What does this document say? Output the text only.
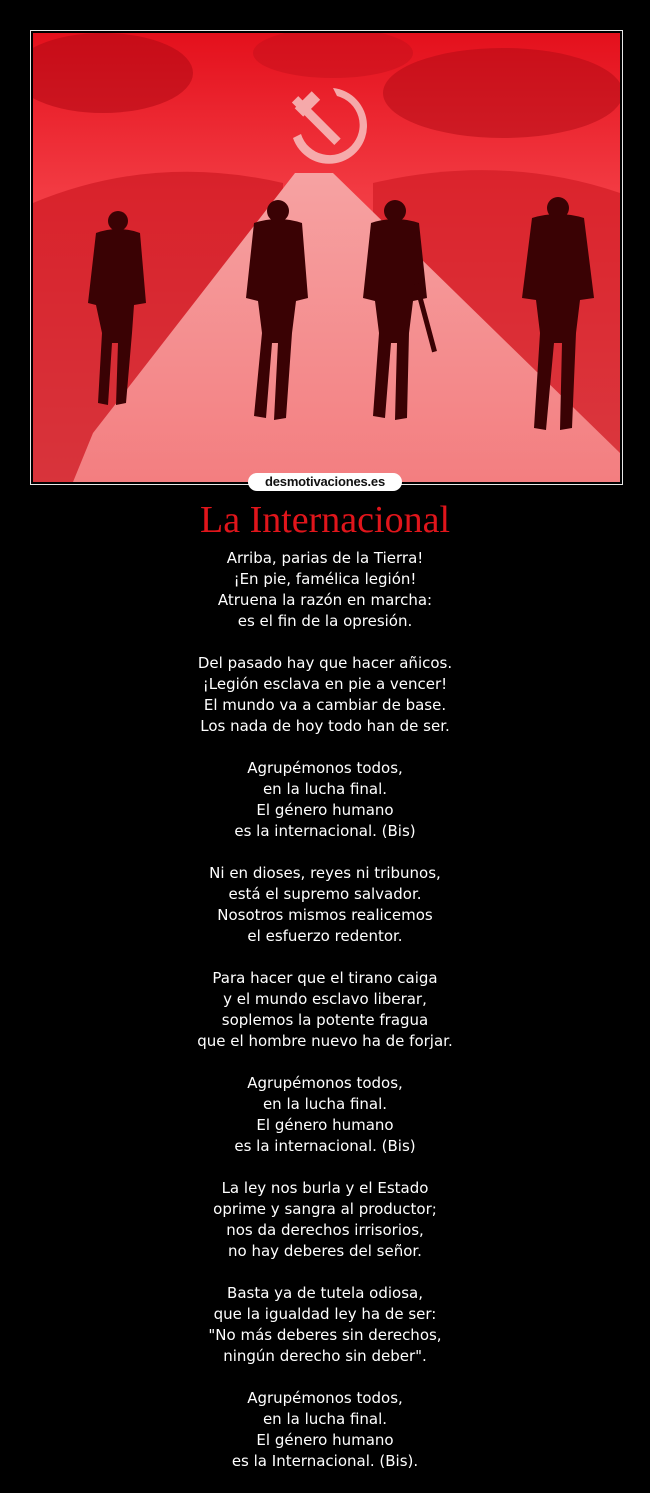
desmotivaciones.es
La Internacional
Arriba, parias de la Tierra!
¡En pie, famélica legión!
Atruena la razón en marcha:
es el fin de la opresión.
Del pasado hay que hacer añicos.
¡Legión esclava en pie a vencer!
El mundo va a cambiar de base.
Los nada de hoy todo han de ser.
Agrupémonos todos,
en la lucha final.
El género humano
es la internacional. (Bis)
Ni en dioses, reyes ni tribunos,
está el supremo salvador.
Nosotros mismos realicemos
el esfuerzo redentor.
Para hacer que el tirano caiga
y el mundo esclavo liberar,
soplemos la potente fragua
que el hombre nuevo ha de forjar.
Agrupémonos todos,
en la lucha final.
El género humano
es la internacional. (Bis)
La ley nos burla y el Estado
oprime y sangra al productor;
nos da derechos irrisorios,
no hay deberes del señor.
Basta ya de tutela odiosa,
que la igualdad ley ha de ser:
"No más deberes sin derechos,
ningún derecho sin deber".
Agrupémonos todos,
en la lucha final.
El género humano
es la Internacional. (Bis).
